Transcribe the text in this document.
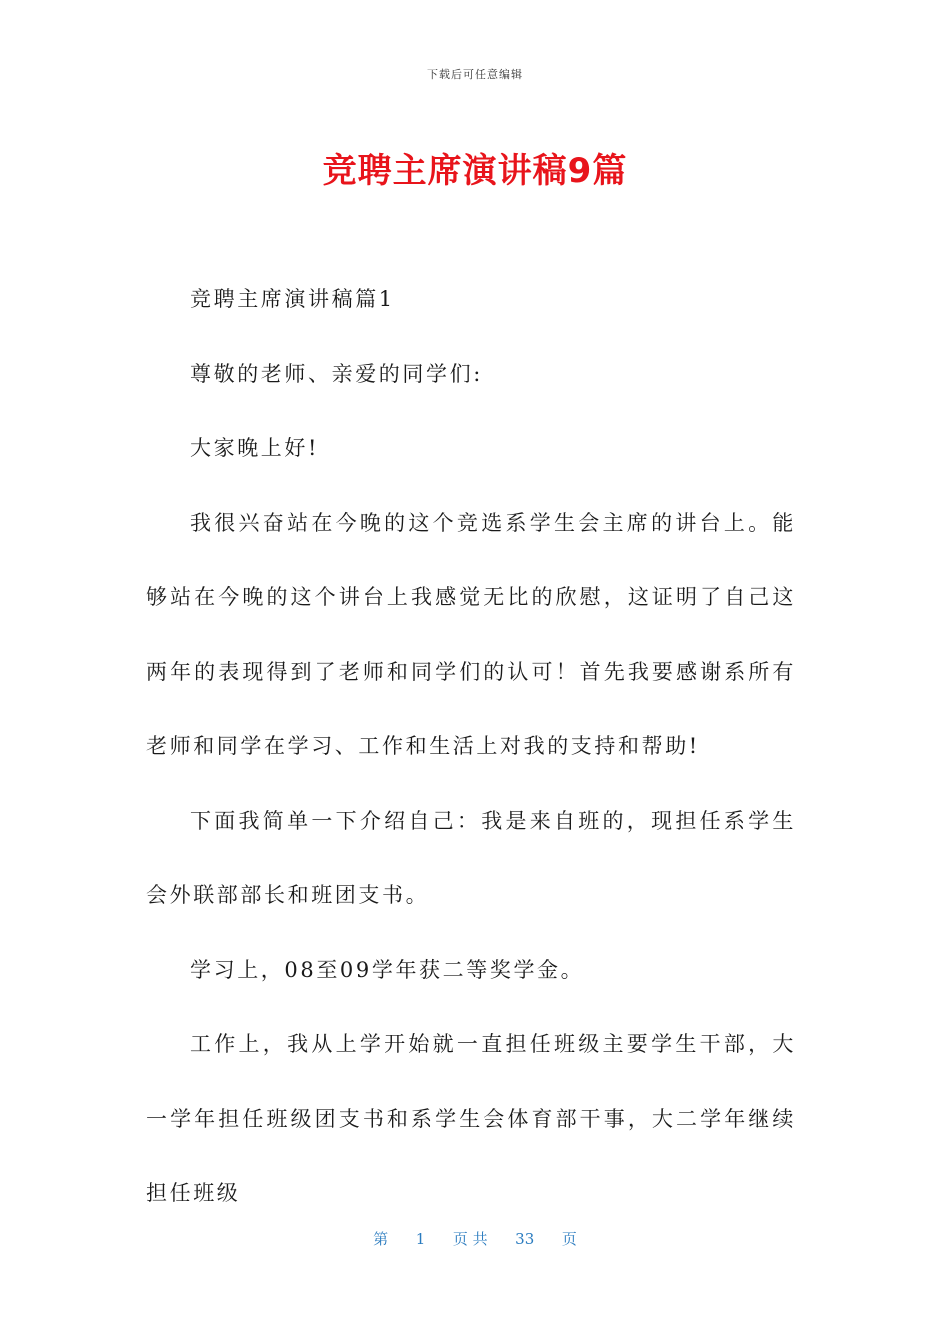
下载后可任意编辑
竞聘主席演讲稿9篇

竞聘主席演讲稿篇1

尊敬的老师、亲爱的同学们:

大家晚上好!

我很兴奋站在今晚的这个竞选系学生会主席的讲台上。能够站在今晚的这个讲台上我感觉无比的欣慰，这证明了自己这两年的表现得到了老师和同学们的认可！首先我要感谢系所有老师和同学在学习、工作和生活上对我的支持和帮助!

下面我简单一下介绍自己：我是来自班的，现担任系学生会外联部部长和班团支书。

学习上，08至09学年获二等奖学金。

工作上，我从上学开始就一直担任班级主要学生干部，大一学年担任班级团支书和系学生会体育部干事，大二学年继续担任班级

第 1 页 共 33 页
